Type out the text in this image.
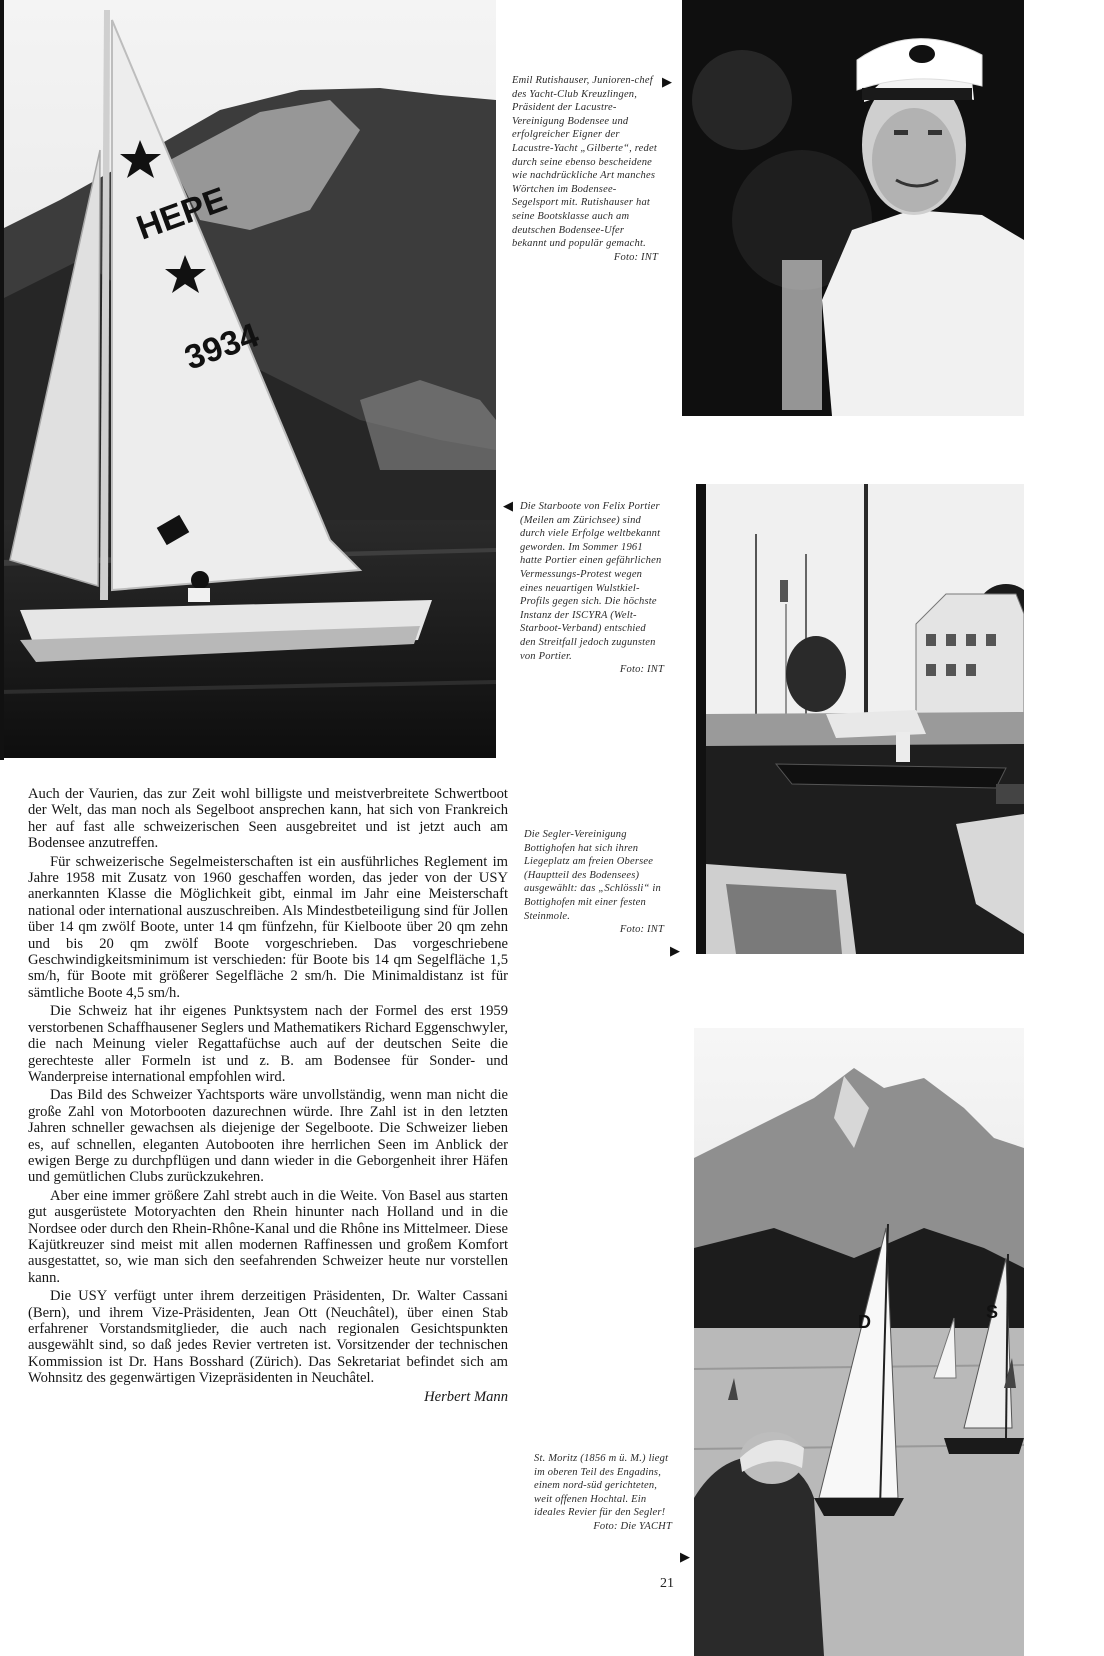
HEPE
3934

Emil Rutishauser, Junioren-chef des Yacht-Club Kreuzlingen, Präsident der Lacustre-Vereinigung Bodensee und erfolgreicher Eigner der Lacustre-Yacht „Gilberte“, redet durch seine ebenso bescheidene wie nachdrückliche Art manches Wörtchen im Bodensee-Segelsport mit. Rutishauser hat seine Bootsklasse auch am deutschen Bodensee-Ufer bekannt und populär gemacht.

Foto: INT
▶

Die Starboote von Felix Portier (Meilen am Zürichsee) sind durch viele Erfolge weltbekannt geworden. Im Sommer 1961 hatte Portier einen gefährlichen Vermessungs-Protest wegen eines neuartigen Wulstkiel-Profils gegen sich. Die höchste Instanz der ISCYRA (Welt-Starboot-Verband) entschied den Streitfall jedoch zugunsten von Portier.

Foto: INT
◀

Die Segler-Vereinigung Bottighofen hat sich ihren Liegeplatz am freien Obersee (Hauptteil des Bodensees) ausgewählt: das „Schlössli“ in Bottighofen mit einer festen Steinmole.

Foto: INT
▶
D	S

St. Moritz (1856 m ü. M.) liegt im oberen Teil des Engadins, einem nord-süd gerichteten, weit offenen Hochtal. Ein ideales Revier für den Segler!

Foto: Die YACHT
▶

Auch der Vaurien, das zur Zeit wohl billigste und meistverbreitete Schwertboot der Welt, das man noch als Segelboot ansprechen kann, hat sich von Frankreich her auf fast alle schweizerischen Seen ausgebreitet und ist jetzt auch am Bodensee anzutreffen.

Für schweizerische Segelmeisterschaften ist ein ausführliches Reglement im Jahre 1958 mit Zusatz von 1960 geschaffen worden, das jeder von der USY anerkannten Klasse die Möglichkeit gibt, einmal im Jahr eine Meisterschaft national oder international auszuschreiben. Als Mindestbeteiligung sind für Jollen über 14 qm zwölf Boote, unter 14 qm fünfzehn, für Kielboote über 20 qm zehn und bis 20 qm zwölf Boote vorgeschrieben. Das vorgeschriebene Geschwindigkeitsminimum ist verschieden: für Boote bis 14 qm Segelfläche 1,5 sm/h, für Boote mit größerer Segelfläche 2 sm/h. Die Minimaldistanz ist für sämtliche Boote 4,5 sm/h.

Die Schweiz hat ihr eigenes Punktsystem nach der Formel des erst 1959 verstorbenen Schaffhausener Seglers und Mathematikers Richard Eggenschwyler, die nach Meinung vieler Regattafüchse auch auf der deutschen Seite die gerechteste aller Formeln ist und z. B. am Bodensee für Sonder- und Wanderpreise international empfohlen wird.

Das Bild des Schweizer Yachtsports wäre unvollständig, wenn man nicht die große Zahl von Motorbooten dazurechnen würde. Ihre Zahl ist in den letzten Jahren schneller gewachsen als diejenige der Segelboote. Die Schweizer lieben es, auf schnellen, eleganten Autobooten ihre herrlichen Seen im Anblick der ewigen Berge zu durchpflügen und dann wieder in die Geborgenheit ihrer Häfen und gemütlichen Clubs zurückzukehren.

Aber eine immer größere Zahl strebt auch in die Weite. Von Basel aus starten gut ausgerüstete Motoryachten den Rhein hinunter nach Holland und in die Nordsee oder durch den Rhein-Rhône-Kanal und die Rhône ins Mittelmeer. Diese Kajütkreuzer sind meist mit allen modernen Raffinessen und großem Komfort ausgestattet, so, wie man sich den seefahrenden Schweizer heute nur vorstellen kann.

Die USY verfügt unter ihrem derzeitigen Präsidenten, Dr. Walter Cassani (Bern), und ihrem Vize-Präsidenten, Jean Ott (Neuchâtel), über einen Stab erfahrener Vorstandsmitglieder, die auch nach regionalen Gesichtspunkten ausgewählt sind, so daß jedes Revier vertreten ist. Vorsitzender der technischen Kommission ist Dr. Hans Bosshard (Zürich). Das Sekretariat befindet sich am Wohnsitz des gegenwärtigen Vizepräsidenten in Neuchâtel.

Herbert Mann
21
